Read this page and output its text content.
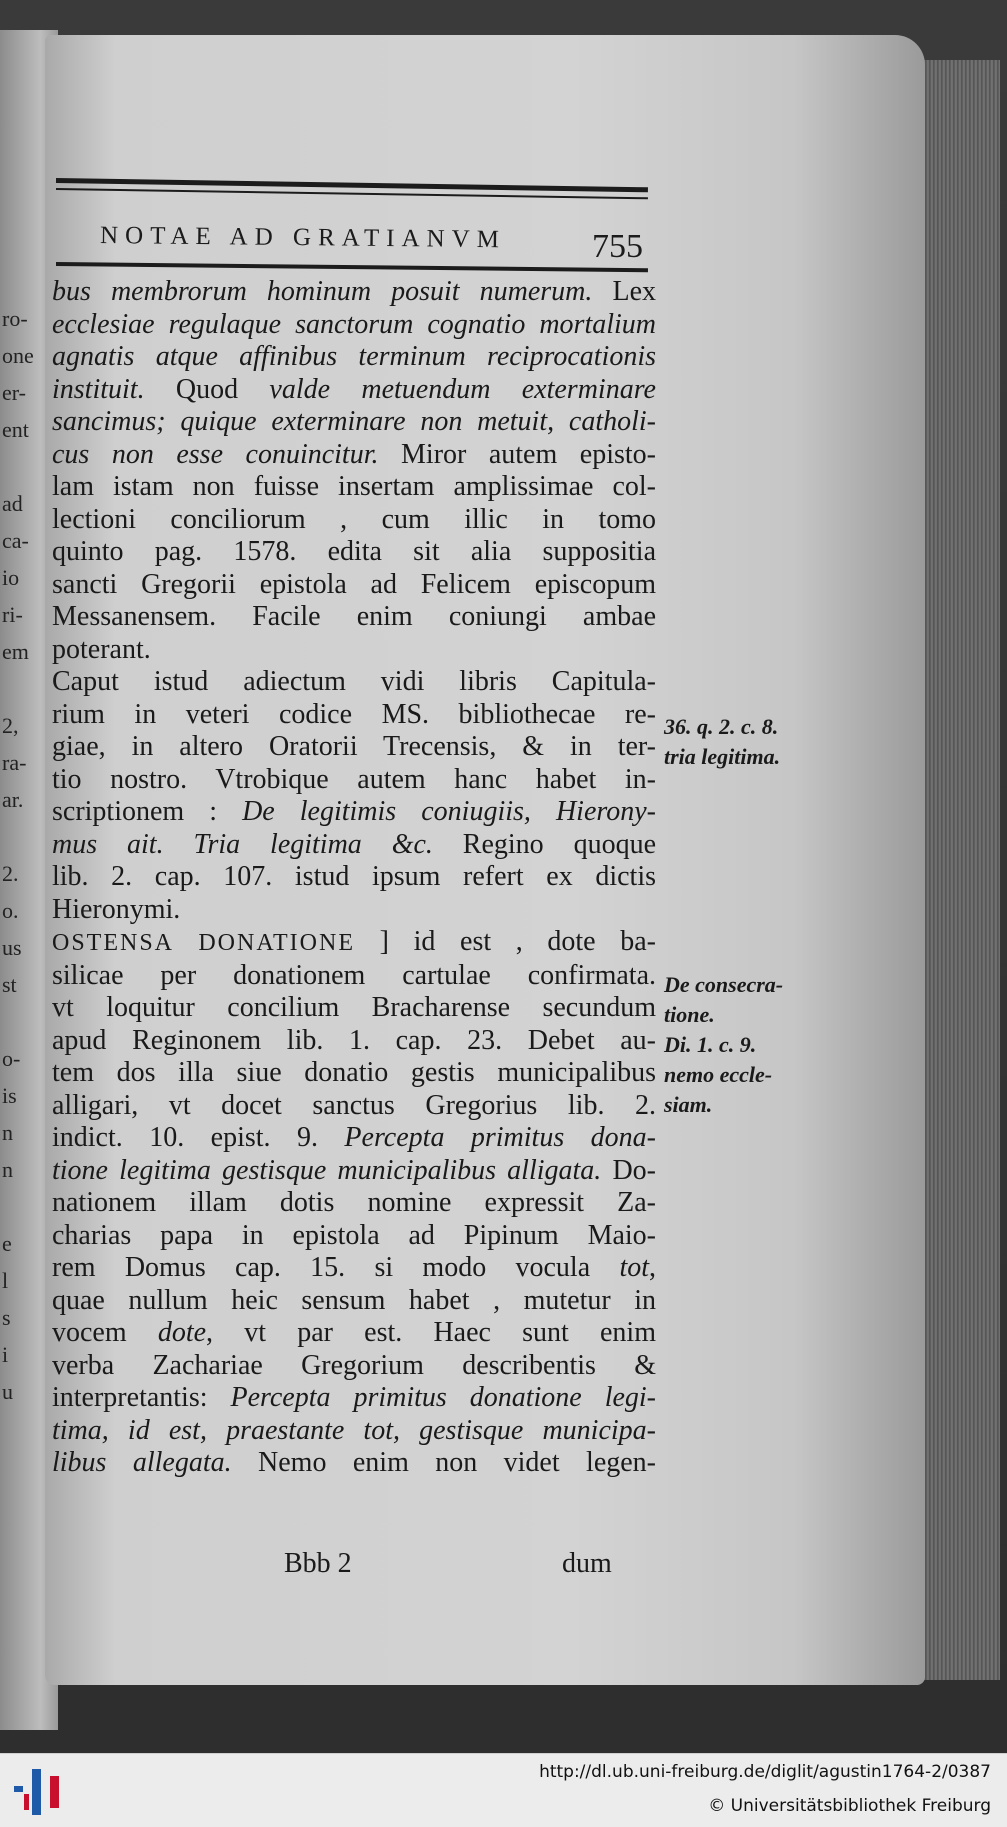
ro-
one
er-
ent
ad
ca-
io
ri-
em
2,
ra-
ar.
2.
o.
us
st
o-
is
n
n
e
l
s
i
u
NOTAE AD GRATIANVM	755
bus membrorum hominum posuit numerum. Lex
ecclesiae regulaque sanctorum cognatio mortalium
agnatis atque affinibus terminum reciprocationis
instituit. Quod valde metuendum exterminare
sancimus; quique exterminare non metuit, catholi-
cus non esse conuincitur. Miror autem episto-
lam istam non fuisse insertam amplissimae col-
lectioni conciliorum , cum illic in tomo
quinto pag. 1578. edita sit alia suppositia
sancti Gregorii epistola ad Felicem episcopum
Messanensem. Facile enim coniungi ambae
poterant.
Caput istud adiectum vidi libris Capitula-
rium in veteri codice MS. bibliothecae re-
giae, in altero Oratorii Trecensis, & in ter-
tio nostro. Vtrobique autem hanc habet in-
scriptionem : De legitimis coniugiis, Hierony-
mus ait. Tria legitima &c. Regino quoque
lib. 2. cap. 107. istud ipsum refert ex dictis
Hieronymi.
OSTENSA DONATIONE ] id est , dote ba-
silicae per donationem cartulae confirmata.
vt loquitur concilium Bracharense secundum
apud Reginonem lib. 1. cap. 23. Debet au-
tem dos illa siue donatio gestis municipalibus
alligari, vt docet sanctus Gregorius lib. 2.
indict. 10. epist. 9. Percepta primitus dona-
tione legitima gestisque municipalibus alligata. Do-
nationem illam dotis nomine expressit Za-
charias papa in epistola ad Pipinum Maio-
rem Domus cap. 15. si modo vocula tot,
quae nullum heic sensum habet , mutetur in
vocem dote, vt par est. Haec sunt enim
verba Zachariae Gregorium describentis &
interpretantis: Percepta primitus donatione legi-
tima, id est, praestante tot, gestisque municipa-
libus allegata. Nemo enim non videt legen-
36. q. 2. c. 8.
tria legitima.
De consecra-
tione.
Di. 1. c. 9.
nemo eccle-
siam.
Bbb 2	dum
http://dl.ub.uni-freiburg.de/diglit/agustin1764-2/0387
© Universitätsbibliothek Freiburg
